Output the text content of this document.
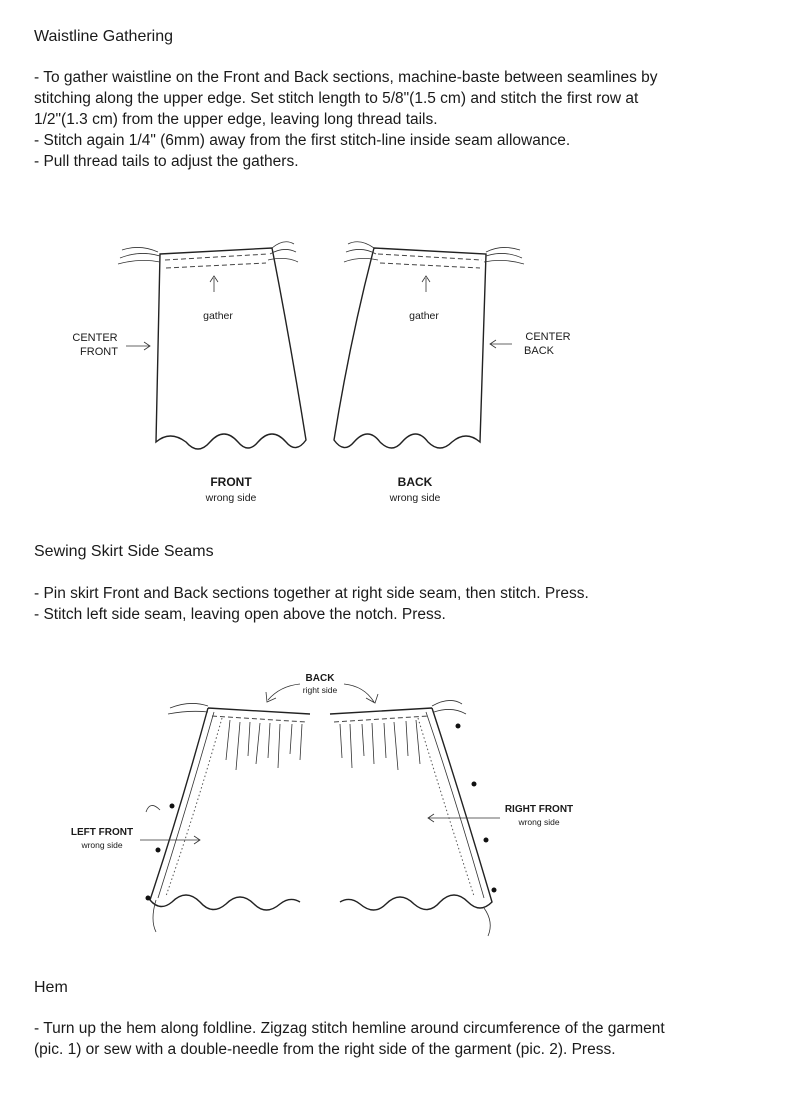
Waistline Gathering
- To gather waistline on the Front and Back sections, machine-baste between seamlines by
stitching along the upper edge. Set stitch length to 5/8"(1.5 cm) and stitch the first row at
1/2"(1.3 cm) from the upper edge, leaving long thread tails.
- Stitch again 1/4" (6mm) away from the first stitch-line inside seam allowance.
- Pull thread tails to adjust the gathers.
gather	gather
CENTER
FRONT
CENTER
BACK
FRONT
wrong side
BACK
wrong side
Sewing Skirt Side Seams
- Pin skirt Front and Back sections together at right side seam, then stitch. Press.
- Stitch left side seam, leaving open above the notch. Press.
BACK
right side
LEFT FRONT
wrong side
RIGHT FRONT
wrong side
Hem
- Turn up the hem along foldline. Zigzag stitch hemline around circumference of the garment
(pic. 1) or sew with a double-needle from the right side of the garment (pic. 2). Press.
